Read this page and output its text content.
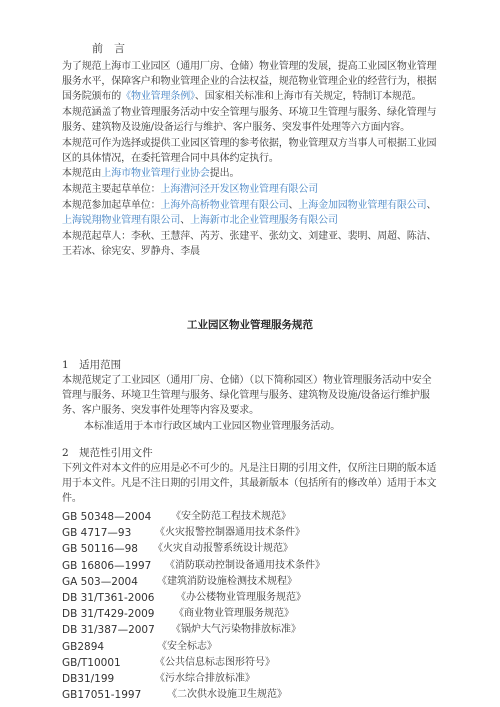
前　言
为了规范上海市工业园区（通用厂房、仓储）物业管理的发展，提高工业园区物业管理
服务水平，保障客户和物业管理企业的合法权益，规范物业管理企业的经营行为，根据
国务院颁布的《物业管理条例》、国家相关标准和上海市有关规定，特制订本规范。
本规范涵盖了物业管理服务活动中安全管理与服务、环境卫生管理与服务、绿化管理与
服务、建筑物及设施/设备运行与维护、客户服务、突发事件处理等六方面内容。
本规范可作为选择或提供工业园区管理的参考依据，物业管理双方当事人可根据工业园
区的具体情况，在委托管理合同中具体约定执行。
本规范由上海市物业管理行业协会提出。
本规范主要起草单位：上海漕河泾开发区物业管理有限公司
本规范参加起草单位：上海外高桥物业管理有限公司、上海金加园物业管理有限公司、
上海锐翔物业管理有限公司、上海新市北企业管理服务有限公司
本规范起草人：李秋、王慧萍、芮芳、张建平、张幼文、刘建亚、裴明、周超、陈洁、
王若冰、徐宪安、罗静舟、李晨
工业园区物业管理服务规范
1　适用范围
本规范规定了工业园区（通用厂房、仓储）（以下简称园区）物业管理服务活动中安全
管理与服务、环境卫生管理与服务、绿化管理与服务、建筑物及设施/设备运行维护服
务、客户服务、突发事件处理等内容及要求。
本标准适用于本市行政区域内工业园区物业管理服务活动。
2　规范性引用文件
下列文件对本文件的应用是必不可少的。凡是注日期的引用文件，仅所注日期的版本适
用于本文件。凡是不注日期的引用文件，其最新版本（包括所有的修改单）适用于本文
件。
GB 50348—2004 《安全防范工程技术规范》
GB 4717—93 《火灾报警控制器通用技术条件》
GB 50116—98 《火灾自动报警系统设计规范》
GB 16806—1997 《消防联动控制设备通用技术条件》
GA 503—2004 《建筑消防设施检测技术规程》
DB 31/T361-2006 《办公楼物业管理服务规范》
DB 31/T429-2009 《商业物业管理服务规范》
DB 31/387—2007 《锅炉大气污染物排放标准》
GB2894	《安全标志》
GB/T10001	《公共信息标志图形符号》
DB31/199	《污水综合排放标准》
GB17051-1997	《二次供水设施卫生规范》
